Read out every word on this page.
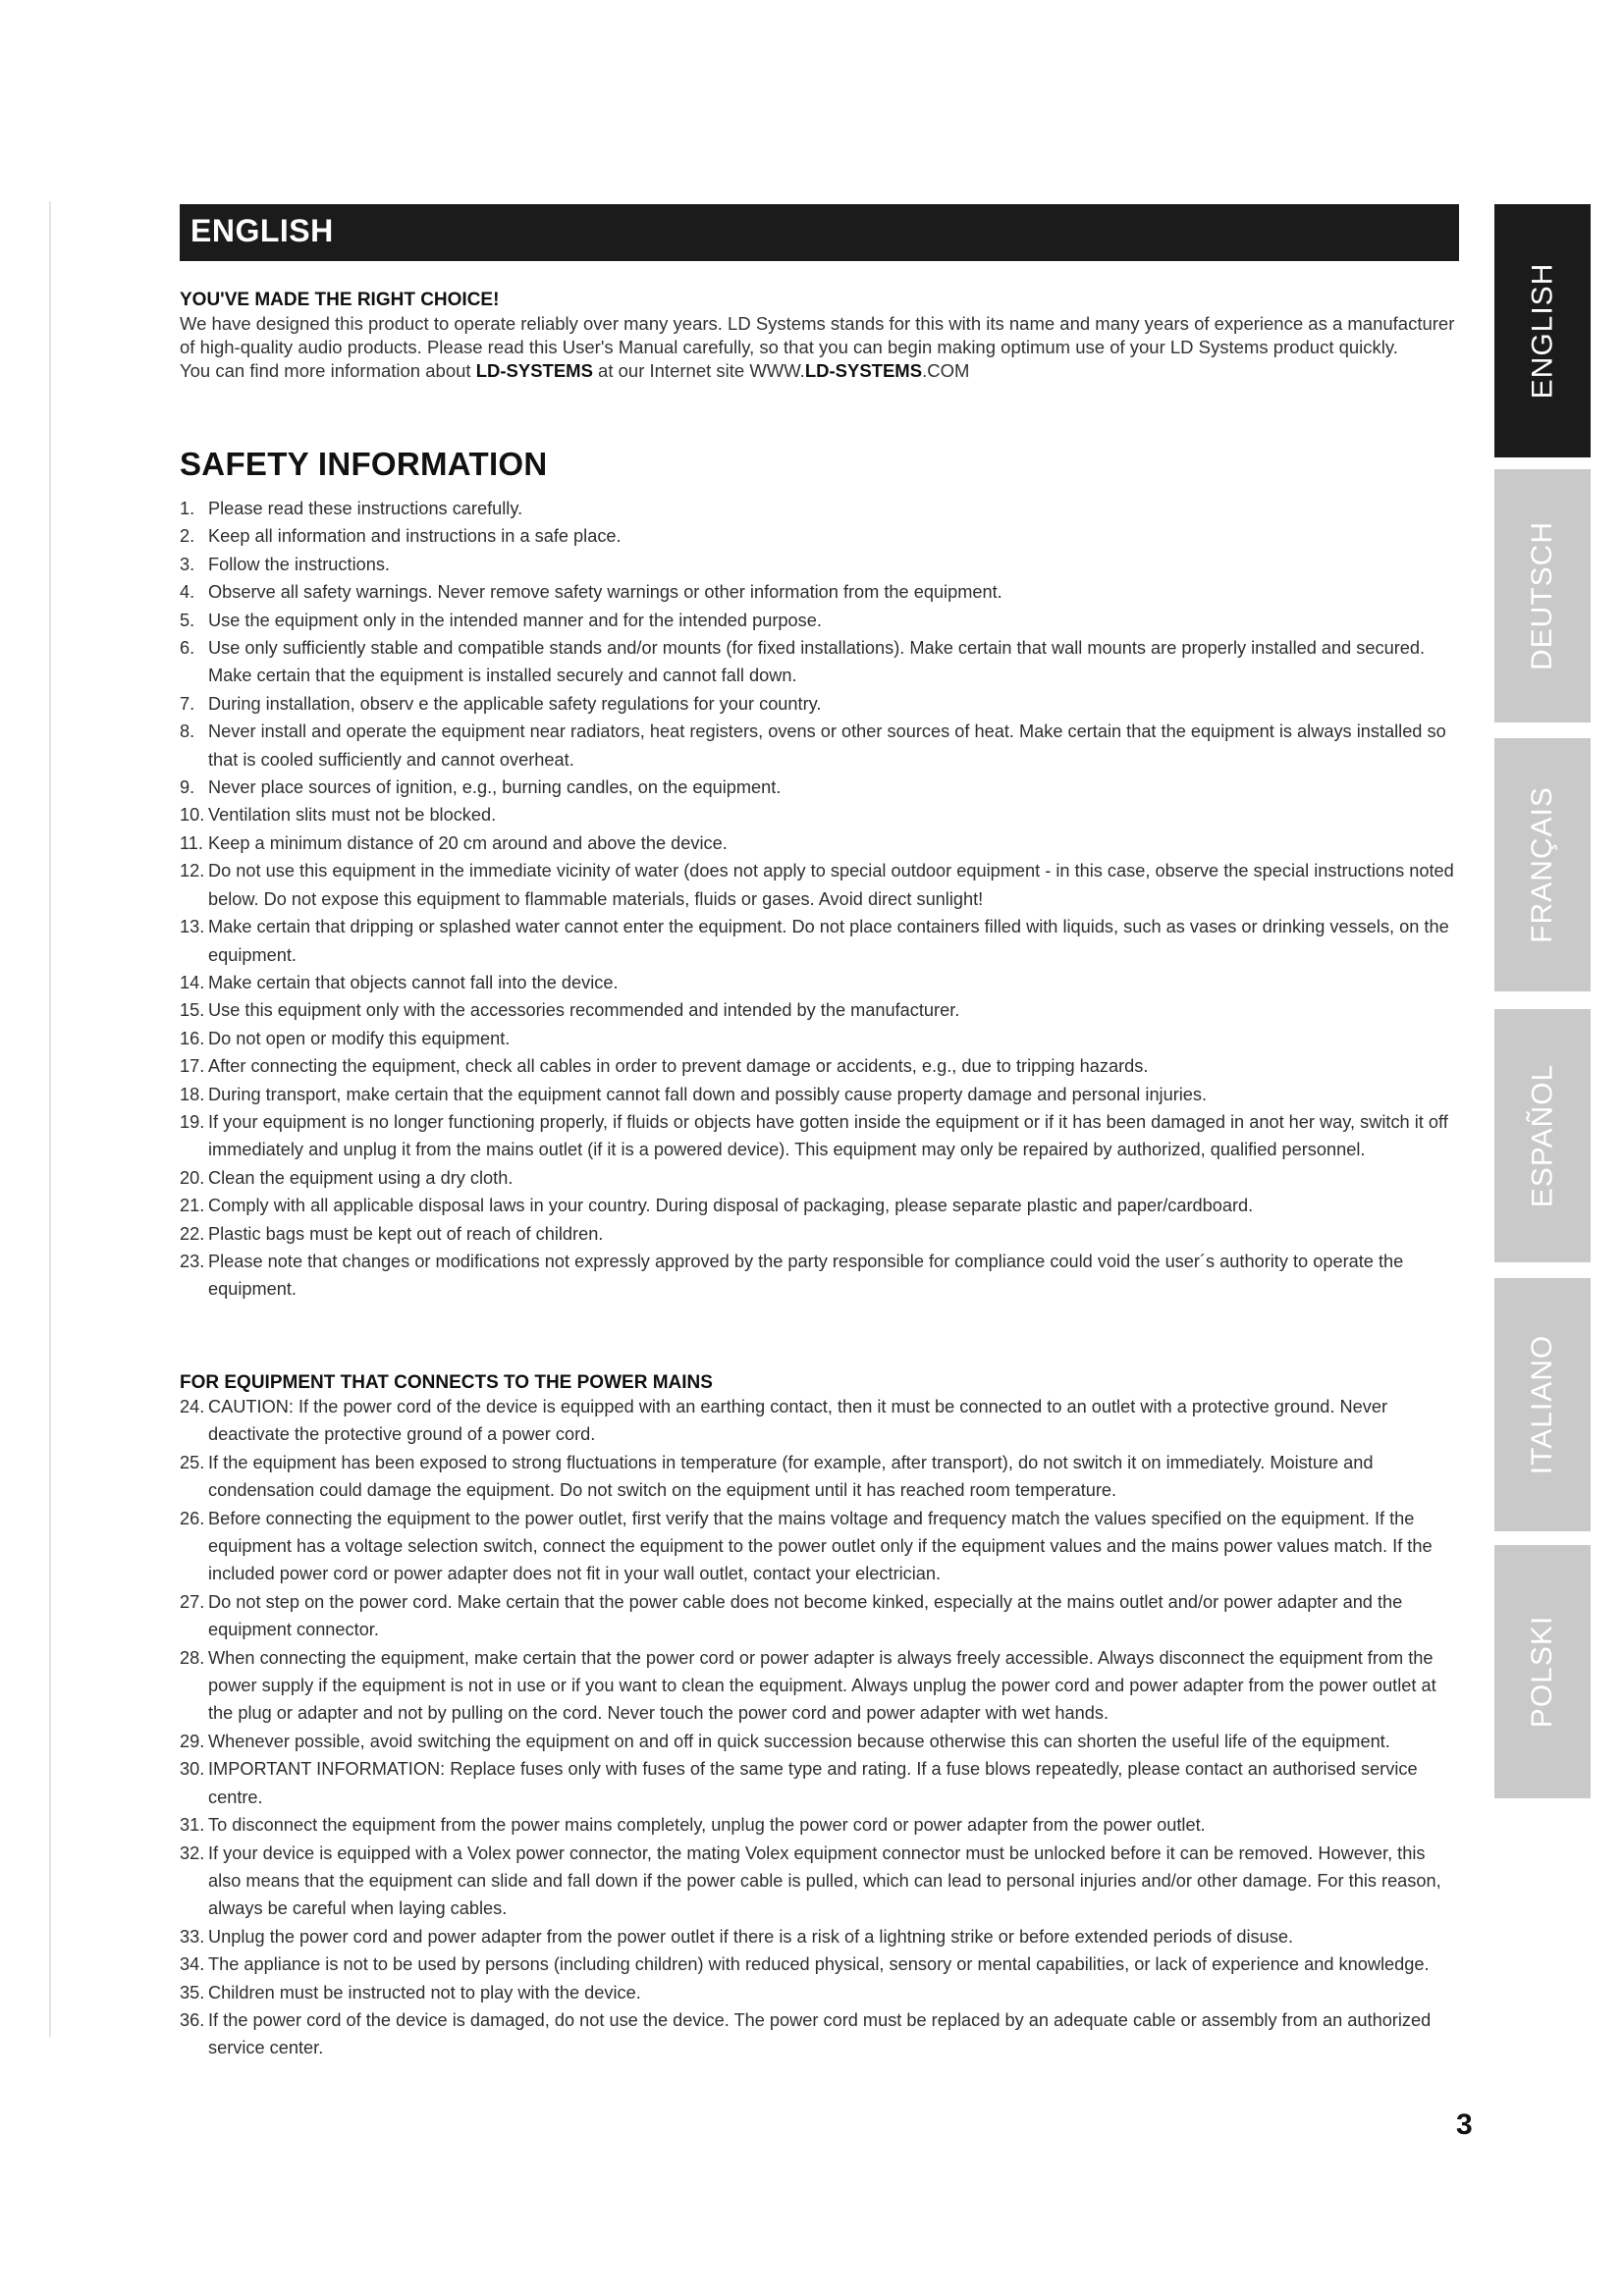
ENGLISH
YOU'VE MADE THE RIGHT CHOICE!

We have designed this product to operate reliably over many years. LD Systems stands for this with its name and many years of experience as a manufacturer of high-quality audio products. Please read this User's Manual carefully, so that you can begin making optimum use of your LD Systems product quickly.

You can find more information about LD-SYSTEMS at our Internet site WWW.LD-SYSTEMS.COM

SAFETY INFORMATION
1. Please read these instructions carefully.
2. Keep all information and instructions in a safe place.
3. Follow the instructions.
4. Observe all safety warnings. Never remove safety warnings or other information from the equipment.
5. Use the equipment only in the intended manner and for the intended purpose.
6. Use only sufficiently stable and compatible stands and/or mounts (for fixed installations). Make certain that wall mounts are properly installed and secured. Make certain that the equipment is installed securely and cannot fall down.
7. During installation, observ e the applicable safety regulations for your country.
8. Never install and operate the equipment near radiators, heat registers, ovens or other sources of heat. Make certain that the equipment is always installed so that is cooled sufficiently and cannot overheat.
9. Never place sources of ignition, e.g., burning candles, on the equipment.
10. Ventilation slits must not be blocked.
11. Keep a minimum distance of 20 cm around and above the device.
12. Do not use this equipment in the immediate vicinity of water (does not apply to special outdoor equipment - in this case, observe the special instructions noted below. Do not expose this equipment to flammable materials, fluids or gases. Avoid direct sunlight!
13. Make certain that dripping or splashed water cannot enter the equipment. Do not place containers filled with liquids, such as vases or drinking vessels, on the equipment.
14. Make certain that objects cannot fall into the device.
15. Use this equipment only with the accessories recommended and intended by the manufacturer.
16. Do not open or modify this equipment.
17. After connecting the equipment, check all cables in order to prevent damage or accidents, e.g., due to tripping hazards.
18. During transport, make certain that the equipment cannot fall down and possibly cause property damage and personal injuries.
19. If your equipment is no longer functioning properly, if fluids or objects have gotten inside the equipment or if it has been damaged in anot her way, switch it off immediately and unplug it from the mains outlet (if it is a powered device). This equipment may only be repaired by authorized, qualified personnel.
20. Clean the equipment using a dry cloth.
21. Comply with all applicable disposal laws in your country. During disposal of packaging, please separate plastic and paper/cardboard.
22. Plastic bags must be kept out of reach of children.
23. Please note that changes or modifications not expressly approved by the party responsible for compliance could void the user´s authority to operate the equipment.
FOR EQUIPMENT THAT CONNECTS TO THE POWER MAINS
24. CAUTION: If the power cord of the device is equipped with an earthing contact, then it must be connected to an outlet with a protective ground. Never deactivate the protective ground of a power cord.
25. If the equipment has been exposed to strong fluctuations in temperature (for example, after transport), do not switch it on immediately. Moisture and condensation could damage the equipment. Do not switch on the equipment until it has reached room temperature.
26. Before connecting the equipment to the power outlet, first verify that the mains voltage and frequency match the values specified on the equipment. If the equipment has a voltage selection switch, connect the equipment to the power outlet only if the equipment values and the mains power values match. If the included power cord or power adapter does not fit in your wall outlet, contact your electrician.
27. Do not step on the power cord. Make certain that the power cable does not become kinked, especially at the mains outlet and/or power adapter and the equipment connector.
28. When connecting the equipment, make certain that the power cord or power adapter is always freely accessible. Always disconnect the equipment from the power supply if the equipment is not in use or if you want to clean the equipment. Always unplug the power cord and power adapter from the power outlet at the plug or adapter and not by pulling on the cord. Never touch the power cord and power adapter with wet hands.
29. Whenever possible, avoid switching the equipment on and off in quick succession because otherwise this can shorten the useful life of the equipment.
30. IMPORTANT INFORMATION: Replace fuses only with fuses of the same type and rating. If a fuse blows repeatedly, please contact an authorised service centre.
31. To disconnect the equipment from the power mains completely, unplug the power cord or power adapter from the power outlet.
32. If your device is equipped with a Volex power connector, the mating Volex equipment connector must be unlocked before it can be removed. However, this also means that the equipment can slide and fall down if the power cable is pulled, which can lead to personal injuries and/or other damage. For this reason, always be careful when laying cables.
33. Unplug the power cord and power adapter from the power outlet if there is a risk of a lightning strike or before extended periods of disuse.
34. The appliance is not to be used by persons (including children) with reduced physical, sensory or mental capabilities, or lack of experience and knowledge.
35. Children must be instructed not to play with the device.
36. If the power cord of the device is damaged, do not use the device. The power cord must be replaced by an adequate cable or assembly from an authorized service center.
3
ENGLISH
DEUTSCH
FRANÇAIS
ESPAÑOL
ITALIANO
POLSKI
